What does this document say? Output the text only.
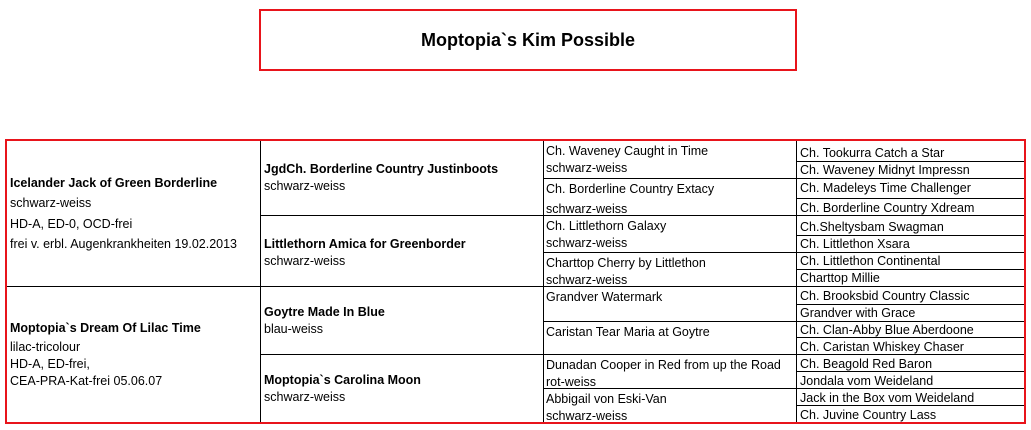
Moptopia`s Kim Possible
Icelander Jack of Green Borderline
schwarz-weiss
HD-A, ED-0, OCD-frei
frei v. erbl. Augenkrankheiten 19.02.2013
Moptopia`s Dream Of Lilac Time
lilac-tricolour
HD-A, ED-frei,
CEA-PRA-Kat-frei 05.06.07
JgdCh. Borderline Country Justinboots
schwarz-weiss
Littlethorn Amica for Greenborder
schwarz-weiss
Goytre Made In Blue
blau-weiss
Moptopia`s Carolina Moon
schwarz-weiss
Ch. Waveney Caught in Time
schwarz-weiss
Ch. Borderline Country Extacy
schwarz-weiss
Ch. Littlethorn Galaxy
schwarz-weiss
Charttop Cherry by Littlethon
schwarz-weiss
Grandver Watermark
Caristan Tear Maria at Goytre
Dunadan Cooper in Red from up the Road
rot-weiss
Abbigail von Eski-Van
schwarz-weiss
Ch. Tookurra Catch a Star
Ch. Waveney Midnyt Impressn
Ch. Madeleys Time Challenger
Ch. Borderline Country Xdream
Ch.Sheltysbam Swagman
Ch. Littlethon Xsara
Ch. Littlethon Continental
Charttop Millie
Ch. Brooksbid Country Classic
Grandver with Grace
Ch. Clan-Abby Blue Aberdoone
Ch. Caristan Whiskey Chaser
Ch. Beagold Red Baron
Jondala vom Weideland
Jack in the Box vom Weideland
Ch. Juvine Country Lass
